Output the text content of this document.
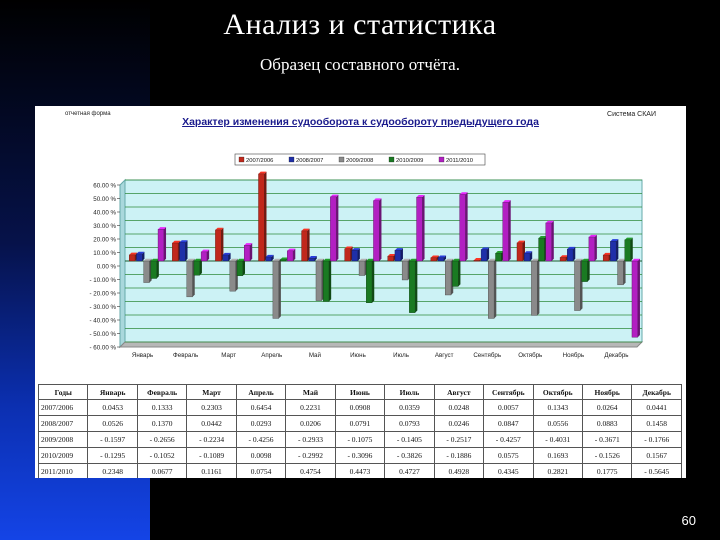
Анализ и статистика
Образец составного отчёта.
отчетная форма	Система СКАИ
Характер изменения судооборота к судообороту предыдущего года
60.00 %
50.00 %
40.00 %
30.00 %
20.00 %
10.00 %
0.00 %
- 10.00 %
- 20.00 %
- 30.00 %
- 40.00 %
- 50.00 %
- 60.00 %
Январь	Февраль	Март	Апрель	Май	Июнь	Июль	Август	Сентябрь	Октябрь	Ноябрь	Декабрь
2007/2006	2008/2007	2009/2008	2010/2009	2011/2010
Годы	Январь	Февраль	Март	Апрель	Май	Июнь	Июль	Август	Сентябрь	Октябрь	Ноябрь	Декабрь
2007/2006	0.0453	0.1333	0.2303	0.6454	0.2231	0.0908	0.0359	0.0248	0.0057	0.1343	0.0264	0.0441
2008/2007	0.0526	0.1370	0.0442	0.0293	0.0206	0.0791	0.0793	0.0246	0.0847	0.0556	0.0883	0.1458
2009/2008	- 0.1597	- 0.2656	- 0.2234	- 0.4256	- 0.2933	- 0.1075	- 0.1405	- 0.2517	- 0.4257	- 0.4031	- 0.3671	- 0.1766
2010/2009	- 0.1295	- 0.1052	- 0.1089	0.0098	- 0.2992	- 0.3096	- 0.3826	- 0.1886	0.0575	0.1693	- 0.1526	0.1567
2011/2010	0.2348	0.0677	0.1161	0.0754	0.4754	0.4473	0.4727	0.4928	0.4345	0.2821	0.1775	- 0.5645
60
